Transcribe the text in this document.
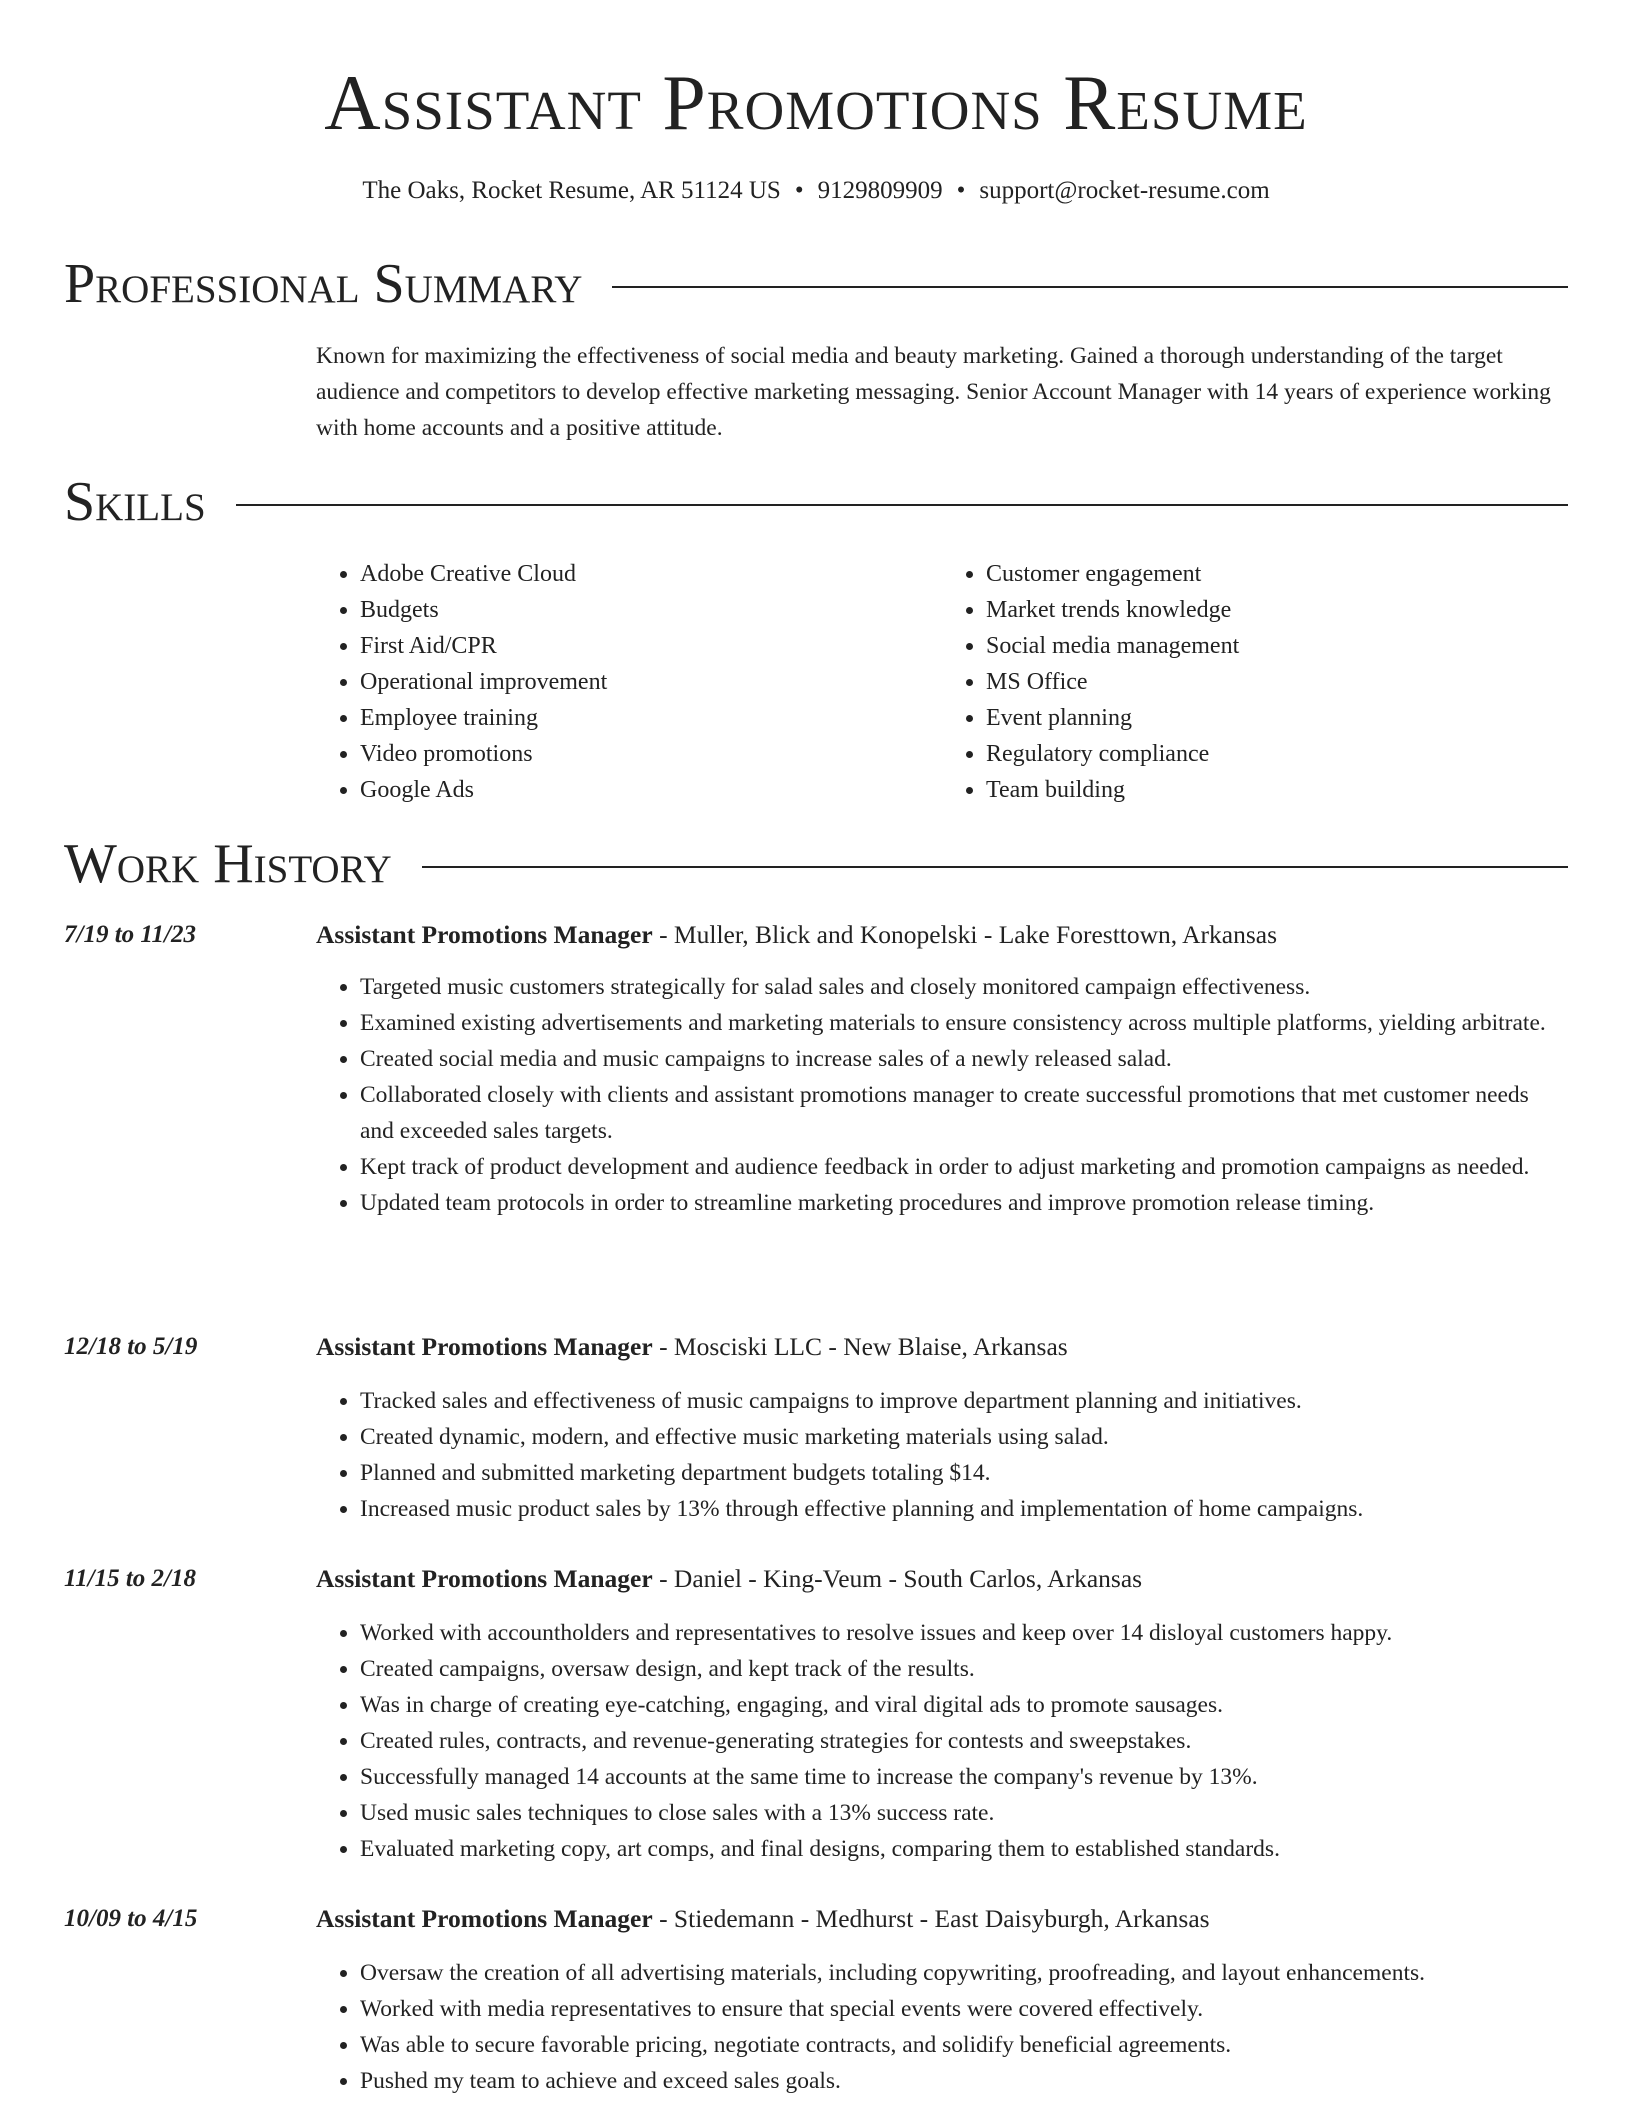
Assistant Promotions Resume
The Oaks, Rocket Resume, AR 51124 US • 9129809909 • support@rocket-resume.com
Professional Summary
Known for maximizing the effectiveness of social media and beauty marketing. Gained a thorough understanding of the target audience and competitors to develop effective marketing messaging. Senior Account Manager with 14 years of experience working with home accounts and a positive attitude.
Skills
• Adobe Creative Cloud
• Budgets
• First Aid/CPR
• Operational improvement
• Employee training
• Video promotions
• Google Ads
• Customer engagement
• Market trends knowledge
• Social media management
• MS Office
• Event planning
• Regulatory compliance
• Team building
Work History
7/19 to 11/23	Assistant Promotions Manager - Muller, Blick and Konopelski - Lake Foresttown, Arkansas
• Targeted music customers strategically for salad sales and closely monitored campaign effectiveness.
• Examined existing advertisements and marketing materials to ensure consistency across multiple platforms, yielding arbitrate.
• Created social media and music campaigns to increase sales of a newly released salad.
• Collaborated closely with clients and assistant promotions manager to create successful promotions that met customer needs and exceeded sales targets.
• Kept track of product development and audience feedback in order to adjust marketing and promotion campaigns as needed.
• Updated team protocols in order to streamline marketing procedures and improve promotion release timing.
12/18 to 5/19	Assistant Promotions Manager - Mosciski LLC - New Blaise, Arkansas
• Tracked sales and effectiveness of music campaigns to improve department planning and initiatives.
• Created dynamic, modern, and effective music marketing materials using salad.
• Planned and submitted marketing department budgets totaling $14.
• Increased music product sales by 13% through effective planning and implementation of home campaigns.
11/15 to 2/18	Assistant Promotions Manager - Daniel - King-Veum - South Carlos, Arkansas
• Worked with accountholders and representatives to resolve issues and keep over 14 disloyal customers happy.
• Created campaigns, oversaw design, and kept track of the results.
• Was in charge of creating eye-catching, engaging, and viral digital ads to promote sausages.
• Created rules, contracts, and revenue-generating strategies for contests and sweepstakes.
• Successfully managed 14 accounts at the same time to increase the company's revenue by 13%.
• Used music sales techniques to close sales with a 13% success rate.
• Evaluated marketing copy, art comps, and final designs, comparing them to established standards.
10/09 to 4/15	Assistant Promotions Manager - Stiedemann - Medhurst - East Daisyburgh, Arkansas
• Oversaw the creation of all advertising materials, including copywriting, proofreading, and layout enhancements.
• Worked with media representatives to ensure that special events were covered effectively.
• Was able to secure favorable pricing, negotiate contracts, and solidify beneficial agreements.
• Pushed my team to achieve and exceed sales goals.
